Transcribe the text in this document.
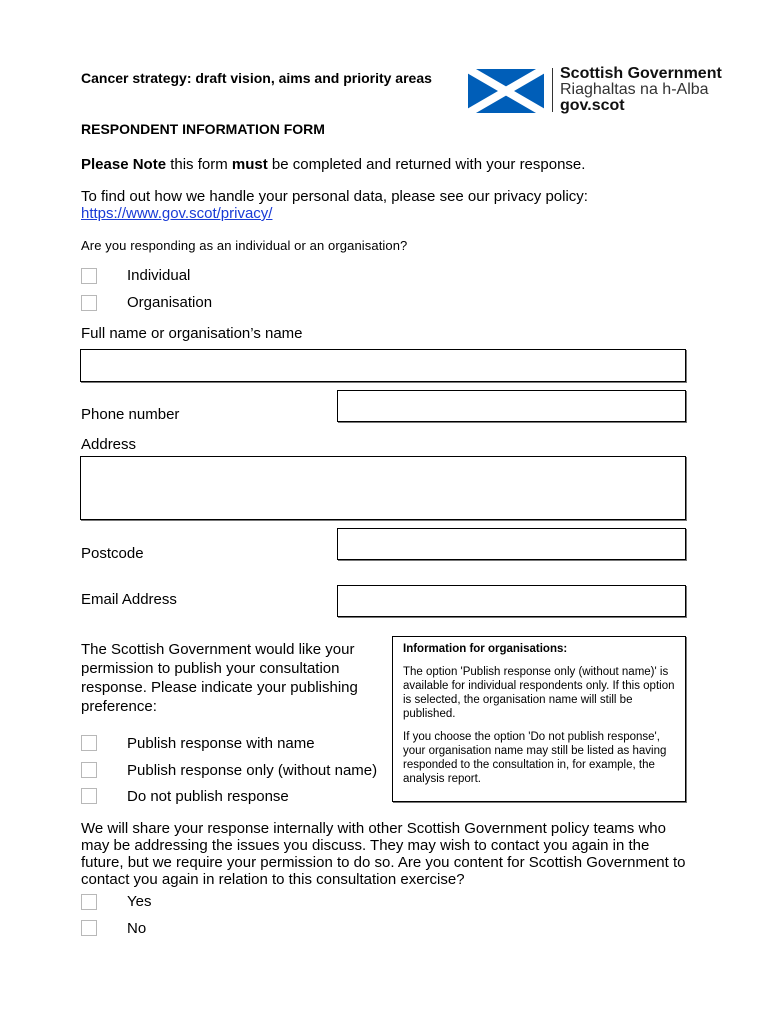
Cancer strategy: draft vision, aims and priority areas	Scottish Government
Riaghaltas na h-Alba
gov.scot
RESPONDENT INFORMATION FORM
Please Note this form must be completed and returned with your response.
To find out how we handle your personal data, please see our privacy policy:
https://www.gov.scot/privacy/
Are you responding as an individual or an organisation?
Individual
Organisation
Full name or organisation’s name
Phone number
Address
Postcode
Email Address
The Scottish Government would like your permission to publish your consultation response. Please indicate your publishing preference:
Information for organisations:

The option 'Publish response only (without name)' is available for individual respondents only. If this option is selected, the organisation name will still be published.

If you choose the option 'Do not publish response', your organisation name may still be listed as having responded to the consultation in, for example, the analysis report.

Publish response with name
Publish response only (without name)
Do not publish response
We will share your response internally with other Scottish Government policy teams who may be addressing the issues you discuss. They may wish to contact you again in the future, but we require your permission to do so. Are you content for Scottish Government to contact you again in relation to this consultation exercise?
Yes
No
